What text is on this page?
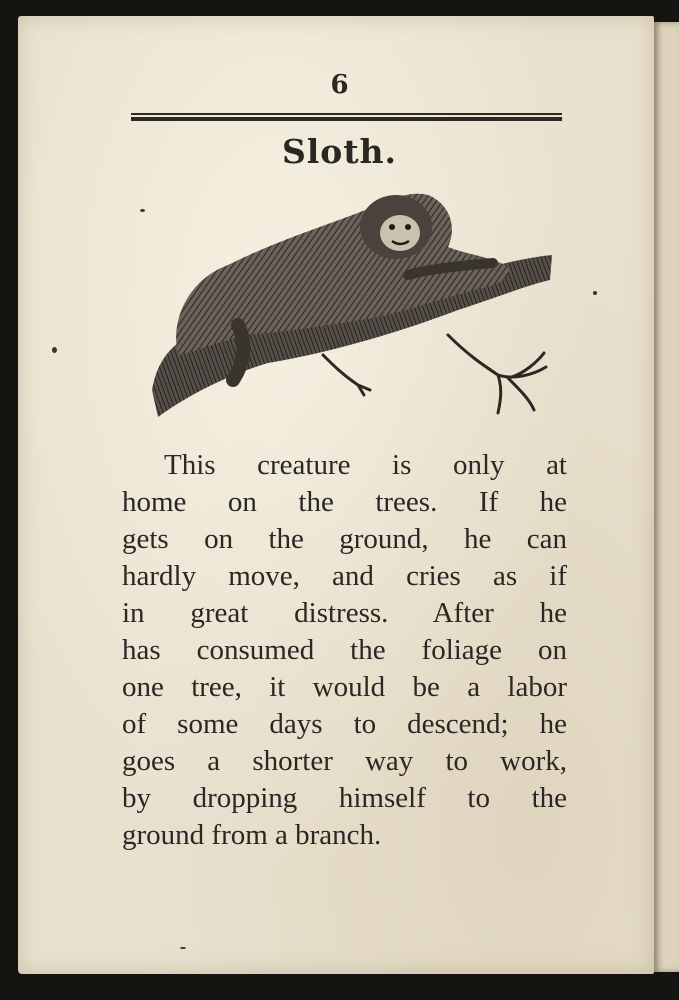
6
Sloth.
This creature is only at
home on the trees. If he
gets on the ground, he can
hardly move, and cries as if
in great distress. After he
has consumed the foliage on
one tree, it would be a labor
of some days to descend; he
goes a shorter way to work,
by dropping himself to the
ground from a branch.
